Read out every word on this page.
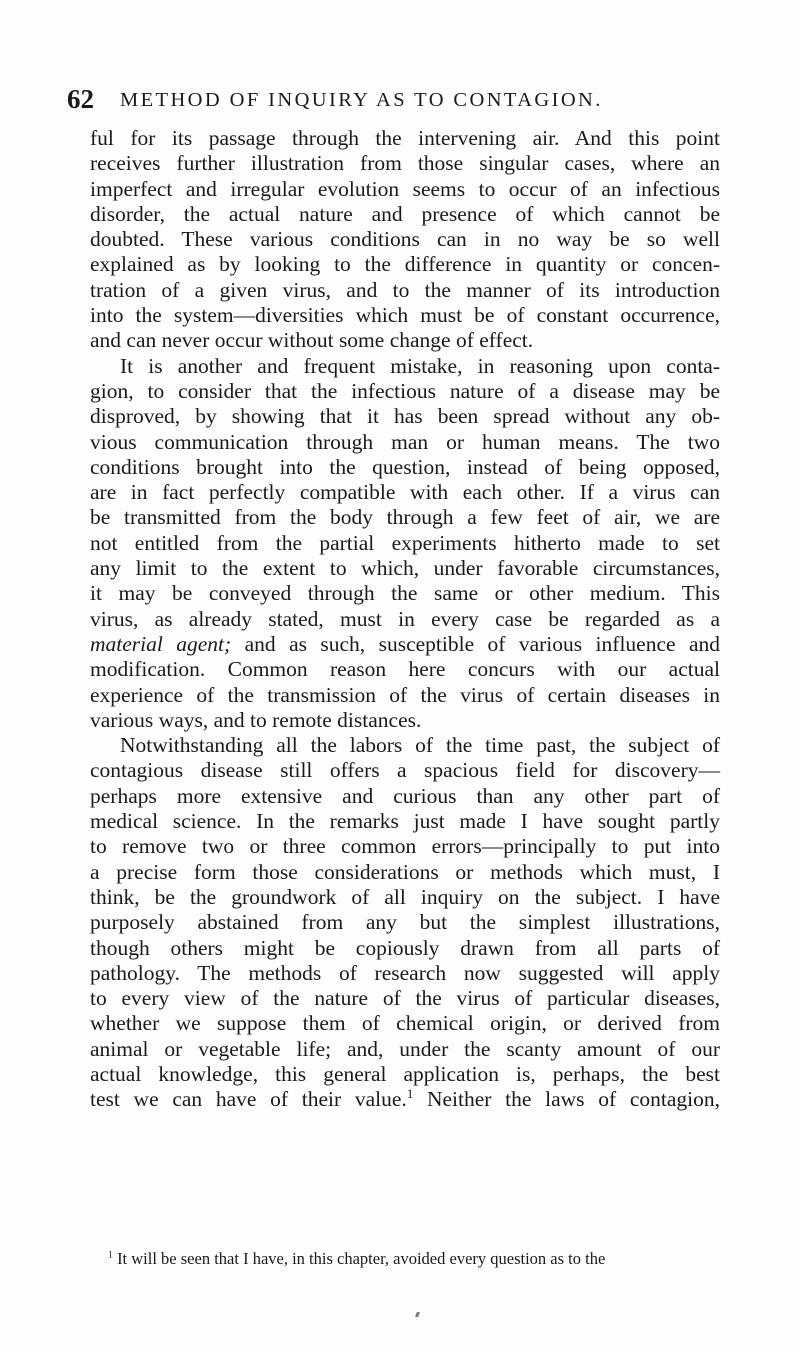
62 METHOD OF INQUIRY AS TO CONTAGION.
ful for its passage through the intervening air. And this point
receives further illustration from those singular cases, where an
imperfect and irregular evolution seems to occur of an infectious
disorder, the actual nature and presence of which cannot be
doubted. These various conditions can in no way be so well
explained as by looking to the difference in quantity or concen-
tration of a given virus, and to the manner of its introduction
into the system—diversities which must be of constant occurrence,
and can never occur without some change of effect.
It is another and frequent mistake, in reasoning upon conta-
gion, to consider that the infectious nature of a disease may be
disproved, by showing that it has been spread without any ob-
vious communication through man or human means. The two
conditions brought into the question, instead of being opposed,
are in fact perfectly compatible with each other. If a virus can
be transmitted from the body through a few feet of air, we are
not entitled from the partial experiments hitherto made to set
any limit to the extent to which, under favorable circumstances,
it may be conveyed through the same or other medium. This
virus, as already stated, must in every case be regarded as a
material agent; and as such, susceptible of various influence and
modification. Common reason here concurs with our actual
experience of the transmission of the virus of certain diseases in
various ways, and to remote distances.
Notwithstanding all the labors of the time past, the subject of
contagious disease still offers a spacious field for discovery—
perhaps more extensive and curious than any other part of
medical science. In the remarks just made I have sought partly
to remove two or three common errors—principally to put into
a precise form those considerations or methods which must, I
think, be the groundwork of all inquiry on the subject. I have
purposely abstained from any but the simplest illustrations,
though others might be copiously drawn from all parts of
pathology. The methods of research now suggested will apply
to every view of the nature of the virus of particular diseases,
whether we suppose them of chemical origin, or derived from
animal or vegetable life; and, under the scanty amount of our
actual knowledge, this general application is, perhaps, the best
test we can have of their value.$^1$ Neither the laws of contagion,
$^1$ It will be seen that I have, in this chapter, avoided every question as to the
